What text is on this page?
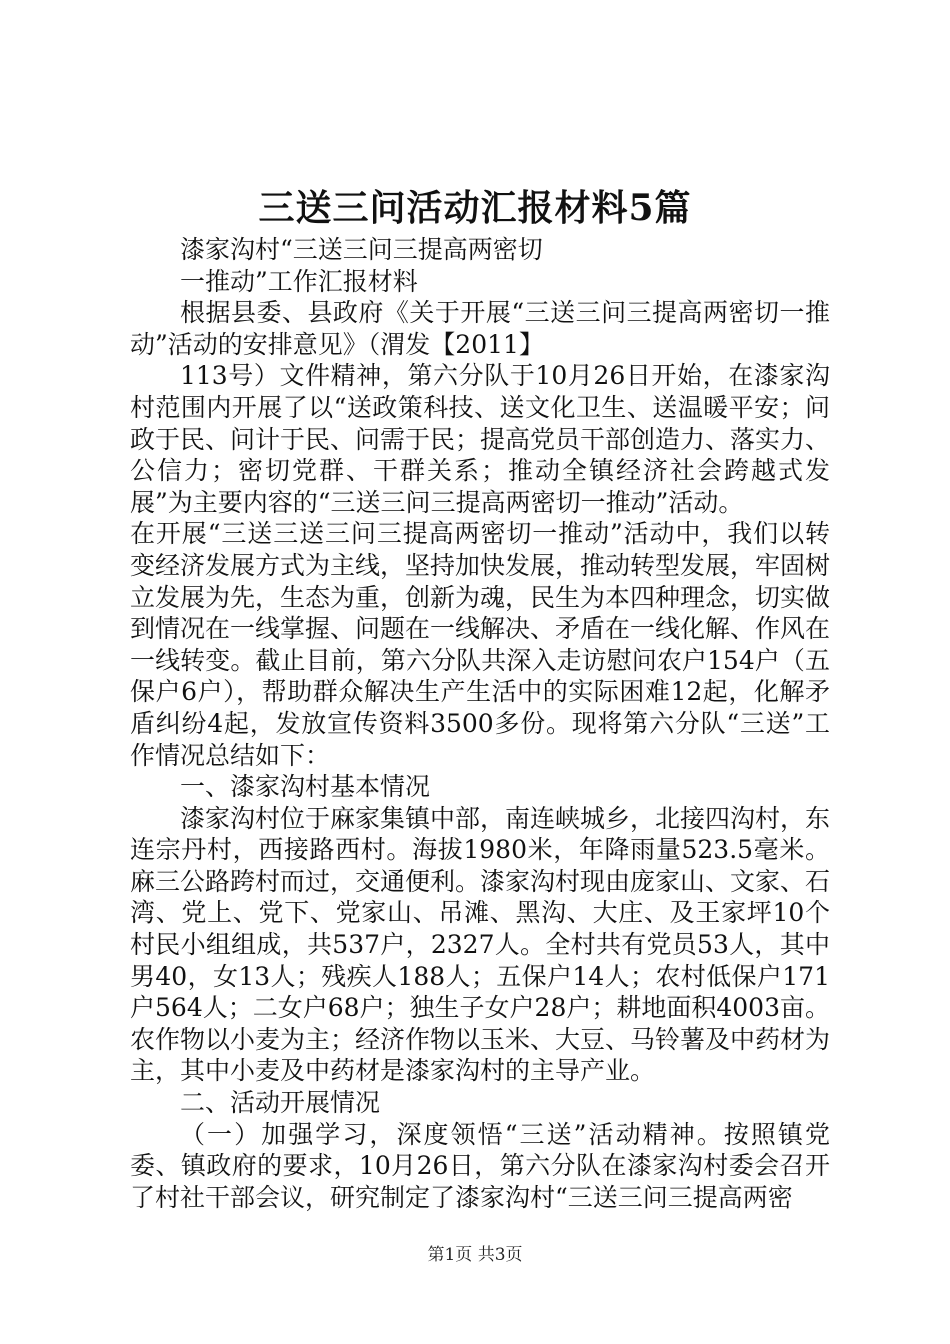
三送三问活动汇报材料5篇

漆家沟村“三送三问三提高两密切

一推动”工作汇报材料

根据县委、县政府《关于开展“三送三问三提高两密切一推动”活动的安排意见》（渭发【2011】

113号）文件精神，第六分队于10月26日开始，在漆家沟村范围内开展了以“送政策科技、送文化卫生、送温暖平安；问政于民、问计于民、问需于民；提高党员干部创造力、落实力、公信力；密切党群、干群关系；推动全镇经济社会跨越式发展”为主要内容的“三送三问三提高两密切一推动”活动。

在开展“三送三送三问三提高两密切一推动”活动中，我们以转变经济发展方式为主线，坚持加快发展，推动转型发展，牢固树立发展为先，生态为重，创新为魂，民生为本四种理念，切实做到情况在一线掌握、问题在一线解决、矛盾在一线化解、作风在一线转变。截止目前，第六分队共深入走访慰问农户154户（五保户6户），帮助群众解决生产生活中的实际困难12起，化解矛盾纠纷4起，发放宣传资料3500多份。现将第六分队“三送”工作情况总结如下：

一、漆家沟村基本情况

漆家沟村位于麻家集镇中部，南连峡城乡，北接四沟村，东连宗丹村，西接路西村。海拔1980米，年降雨量523.5毫米。麻三公路跨村而过，交通便利。漆家沟村现由庞家山、文家、石湾、党上、党下、党家山、吊滩、黑沟、大庄、及王家坪10个村民小组组成，共537户，2327人。全村共有党员53人，其中男40，女13人；残疾人188人；五保户14人；农村低保户171户564人；二女户68户；独生子女户28户；耕地面积4003亩。农作物以小麦为主；经济作物以玉米、大豆、马铃薯及中药材为主，其中小麦及中药材是漆家沟村的主导产业。

二、活动开展情况

（一）加强学习，深度领悟“三送”活动精神。按照镇党委、镇政府的要求，10月26日，第六分队在漆家沟村委会召开了村社干部会议，研究制定了漆家沟村“三送三问三提高两密

第1页 共3页
